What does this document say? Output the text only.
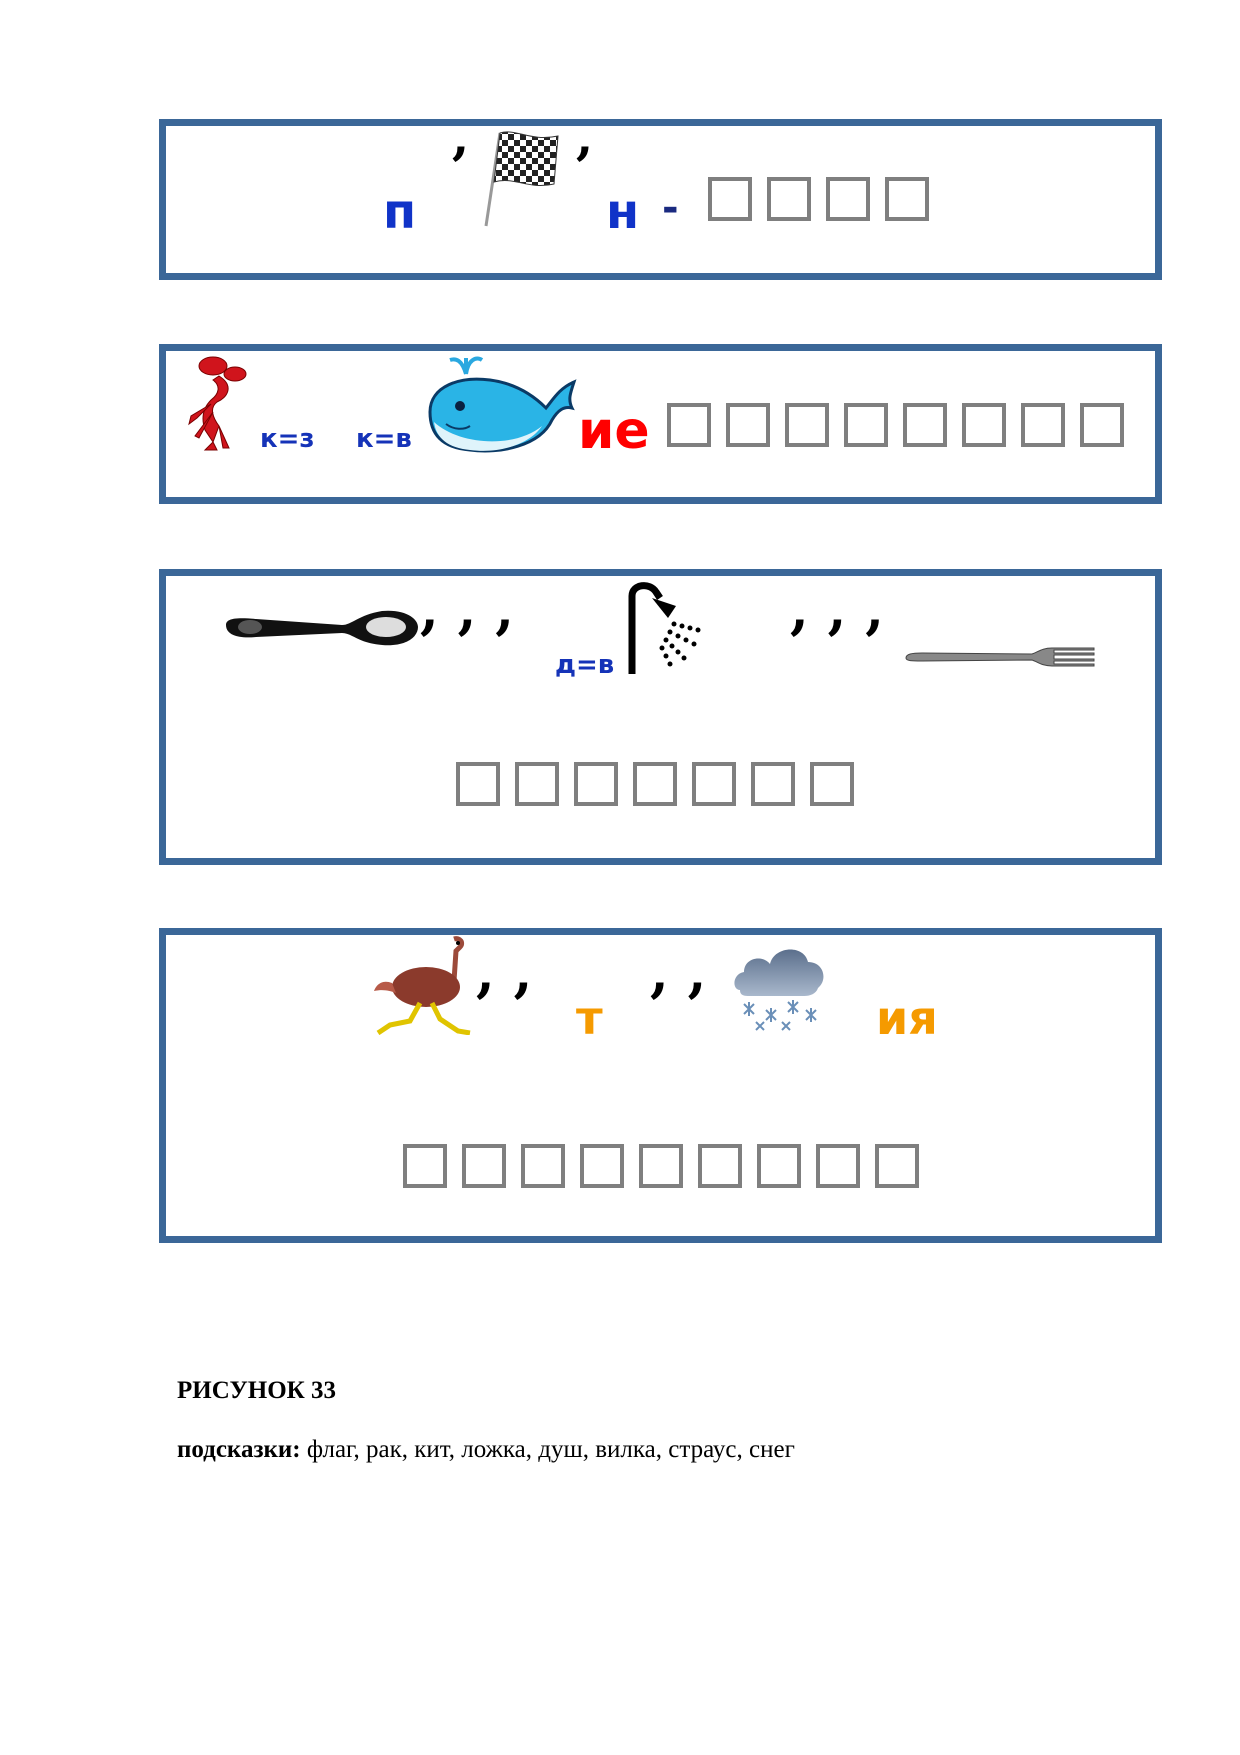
п
’ ’
н -
к=з к=в	ие
, , ,
д=в
, , ,
, ,
т
, ,
ия
РИСУНОК 33
подсказки: флаг, рак, кит, ложка, душ, вилка, страус, снег
